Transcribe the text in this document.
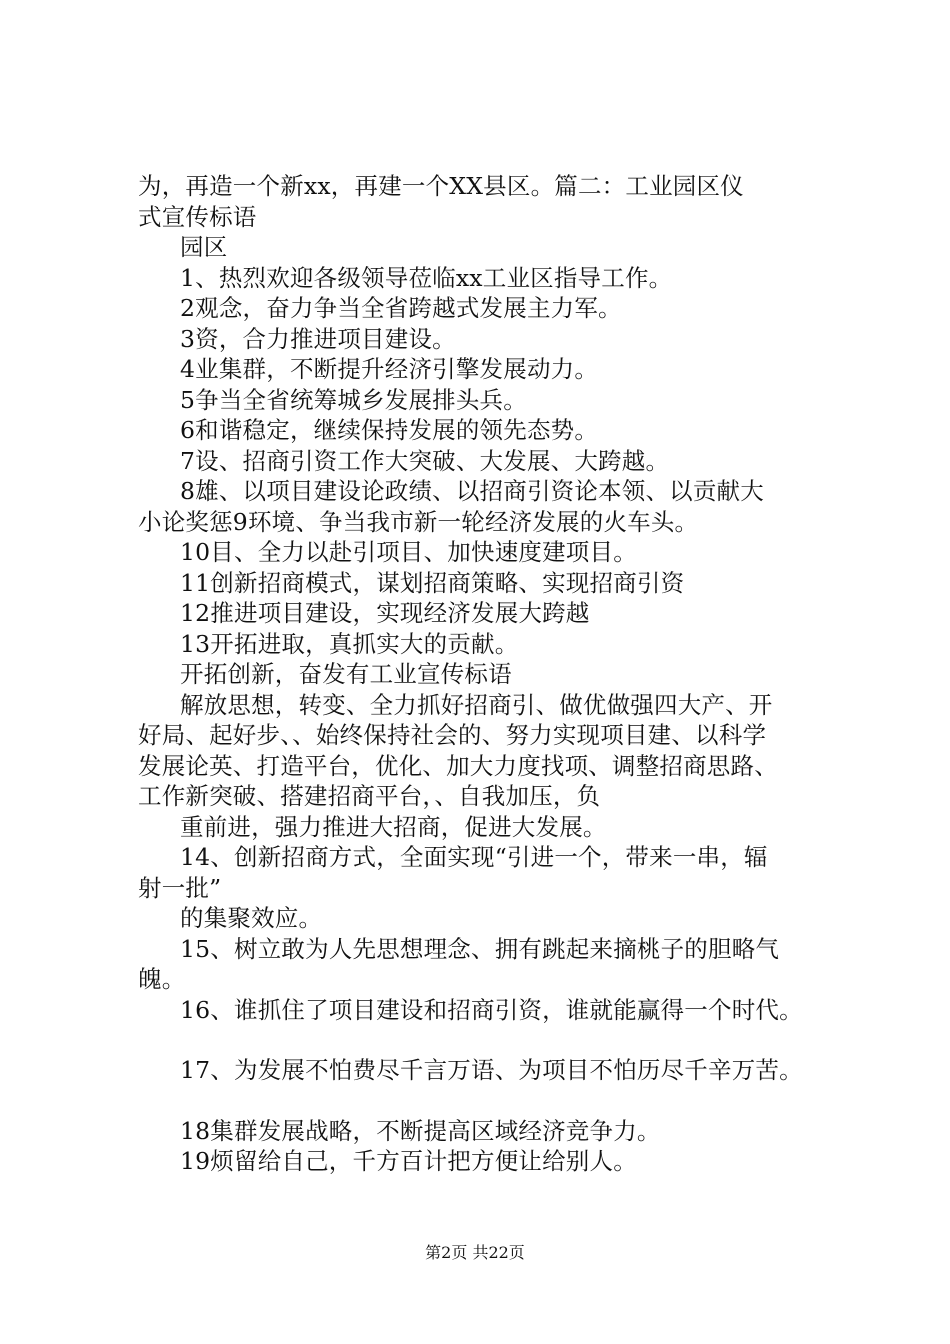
为，再造一个新xx，再建一个XX县区。篇二：工业园区仪
式宣传标语
园区
1、热烈欢迎各级领导莅临xx工业区指导工作。
2观念，奋力争当全省跨越式发展主力军。
3资，合力推进项目建设。
4业集群，不断提升经济引擎发展动力。
5争当全省统筹城乡发展排头兵。
6和谐稳定，继续保持发展的领先态势。
7设、招商引资工作大突破、大发展、大跨越。
8雄、以项目建设论政绩、以招商引资论本领、以贡献大
小论奖惩9环境、争当我市新一轮经济发展的火车头。
10目、全力以赴引项目、加快速度建项目。
11创新招商模式，谋划招商策略、实现招商引资
12推进项目建设，实现经济发展大跨越
13开拓进取，真抓实大的贡献。
开拓创新，奋发有工业宣传标语
解放思想，转变、全力抓好招商引、做优做强四大产、开
好局、起好步、、始终保持社会的、努力实现项目建、以科学
发展论英、打造平台，优化、加大力度找项、调整招商思路、
工作新突破、搭建招商平台，、自我加压，负
重前进，强力推进大招商，促进大发展。
14、创新招商方式，全面实现“引进一个，带来一串，辐
射一批”
的集聚效应。
15、树立敢为人先思想理念、拥有跳起来摘桃子的胆略气
魄。
16、谁抓住了项目建设和招商引资，谁就能赢得一个时代。
17、为发展不怕费尽千言万语、为项目不怕历尽千辛万苦。
18集群发展战略，不断提高区域经济竞争力。
19烦留给自己，千方百计把方便让给别人。
第2页 共22页
